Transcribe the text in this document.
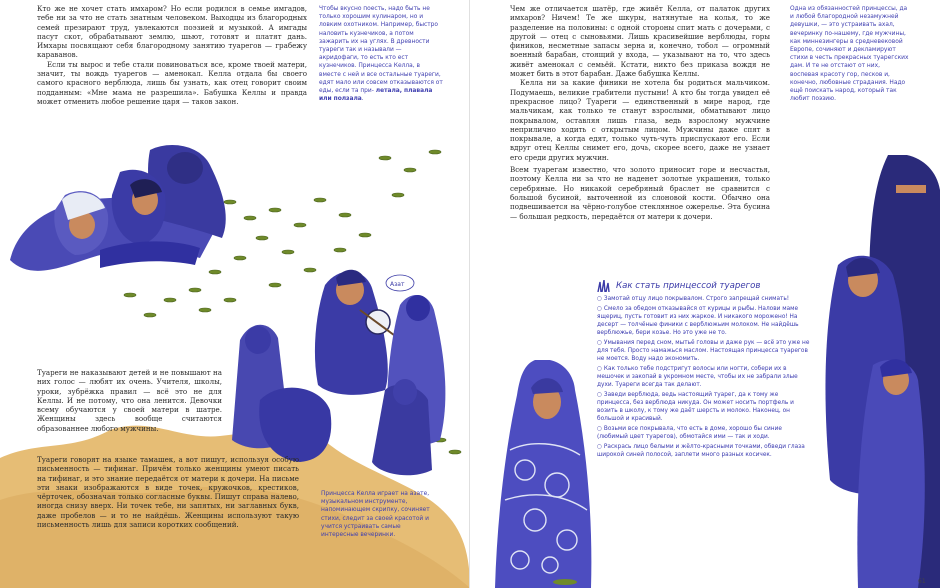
Кто же не хочет стать имхаром? Но если родился в семье имгадов, тебе ни за что не стать знатным человеком. Выходцы из благородных семей презирают труд, увлекаются поэзией и музыкой. А имгады пасут скот, обрабатывают землю, шьют, готовят и платят дань. Имхары посвящают себя благородному занятию туарегов — грабежу караванов.

Если ты вырос и тебе стали повиноваться все, кроме твоей матери, значит, ты вождь туарегов — аменокал. Келла отдала бы своего самого красного верблюда, лишь бы узнать, как отец говорит своим подданным: «Мне мама не разрешила». Бабушка Келлы и правда может отменить любое решение царя — таков закон.

Чтобы вкусно поесть, надо быть не только хорошим кулинаром, но и ловким охотником. Например, быстро наловить кузнечиков, а потом зажарить их на углях. В древности туареги так и называли — акридофаги, то есть кто ест кузнечиков. Принцесса Келла, в вместе с ней и все остальные туареги, едят мало или совсем отказываются от еды, если та при- летала, плавала или ползала.

Азат

Туареги не наказывают детей и не повышают на них голос — любят их очень. Учителя, школы, уроки, зубрёжка правил — всё это не для Келлы. И не потому, что она ленится. Девочки всему обучаются у своей матери в шатре. Женщины здесь вообще считаются образованнее любого мужчины.

Туареги говорят на языке тамашек, а вот пишут, используя особую письменность — тифинаг. Причём только женщины умеют писать на тифинаг, и это знание передаётся от матери к дочери. На письме эти знаки изображаются в виде точек, кружочков, крестиков, чёрточек, обозначая только согласные буквы. Пишут справа налево, иногда снизу вверх. Ни точек тебе, ни запятых, ни заглавных букв, даже пробелов — и то не найдёшь. Женщины используют такую письменность лишь для записи коротких сообщений.

Принцесса Келла играет на азате, музыкальном инструменте, напоминающем скрипку, сочиняет стихи, следит за своей красотой и учится устраивать самые интересные вечеринки.

Чем же отличается шатёр, где живёт Келла, от палаток других имхаров? Ничем! Те же шкуры, натянутые на колья, то же разделение на половины: с одной стороны спит мать с дочерьми, с другой — отец с сыновьями. Лишь красивейшие верблюды, горы фиников, несметные запасы зерна и, конечно, тобол — огромный военный барабан, стоящий у входа, — указывают на то, что здесь живёт аменокал с семьёй. Кстати, никто без приказа вождя не может бить в этот барабан. Даже бабушка Келлы.

Келла ни за какие финики не хотела бы родиться мальчиком. Подумаешь, великие грабители пустыни! А кто бы тогда увидел её прекрасное лицо? Туареги — единственный в мире народ, где мальчикам, как только те станут взрослыми, обматывают лицо покрывалом, оставляя лишь глаза, ведь взрослому мужчине неприлично ходить с открытым лицом. Мужчины даже спят в покрывале, а когда едят, только чуть-чуть приспускают его. Если вдруг отец Келлы снимет его, дочь, скорее всего, даже не узнает его среди других мужчин.

Всем туарегам известно, что золото приносит горе и несчастья, поэтому Келла ни за что не наденет золотые украшения, только серебряные. Но никакой серебряный браслет не сравнится с большой бусиной, выточенной из слоновой кости. Обычно она подвешивается на чёрно-голубое стеклянное ожерелье. Эта бусина — большая редкость, передаётся от матери к дочери.

Одна из обязанностей принцессы, да и любой благородной незамужней девушки, — это устраивать ахал, вечеринку по-нашему, где мужчины, как миннезингеры в средневековой Европе, сочиняют и декламируют стихи в честь прекрасных туарегских дам. И те не отстают от них, воспевая красоту гор, песков и, конечно, любовные страдания. Надо ещё поискать народ, который так любит поэзию.

Как стать принцессой туарегов

○ Замотай отцу лицо покрывалом. Строго запрещай снимать!

○ Смело за обедом отказывайся от курицы и рыбы. Налови маме ящериц, пусть готовит из них жаркое. И никакого морожено! На десерт — толчёные финики с верблюжьим молоком. Не найдёшь верблюжье, бери козье. Но это уже не то.

○ Умывания перед сном, мытьё головы и даже рук — всё это уже не для тебя. Просто намажься маслом. Настоящая принцесса туарегов не моется. Воду надо экономить.

○ Как только тебе подстригут волосы или ногти, собери их в мешочек и закопай в укромном месте, чтобы их не забрали злые духи. Туареги всегда так делают.

○ Заведи верблюда, ведь настоящий туарег, да к тому же принцесса, без верблюда никуда. Он может носить портфель и возить в школу, к тому же даёт шерсть и молоко. Наконец, он большой и красивый.

○ Возьми все покрывала, что есть в доме, хорошо бы синие (любимый цвет туарегов), обмотайся ими — так и ходи.

○ Раскрась лицо белыми и жёлто-красными точками, обведи глаза широкой синей полосой, заплети много разных косичек.

61
